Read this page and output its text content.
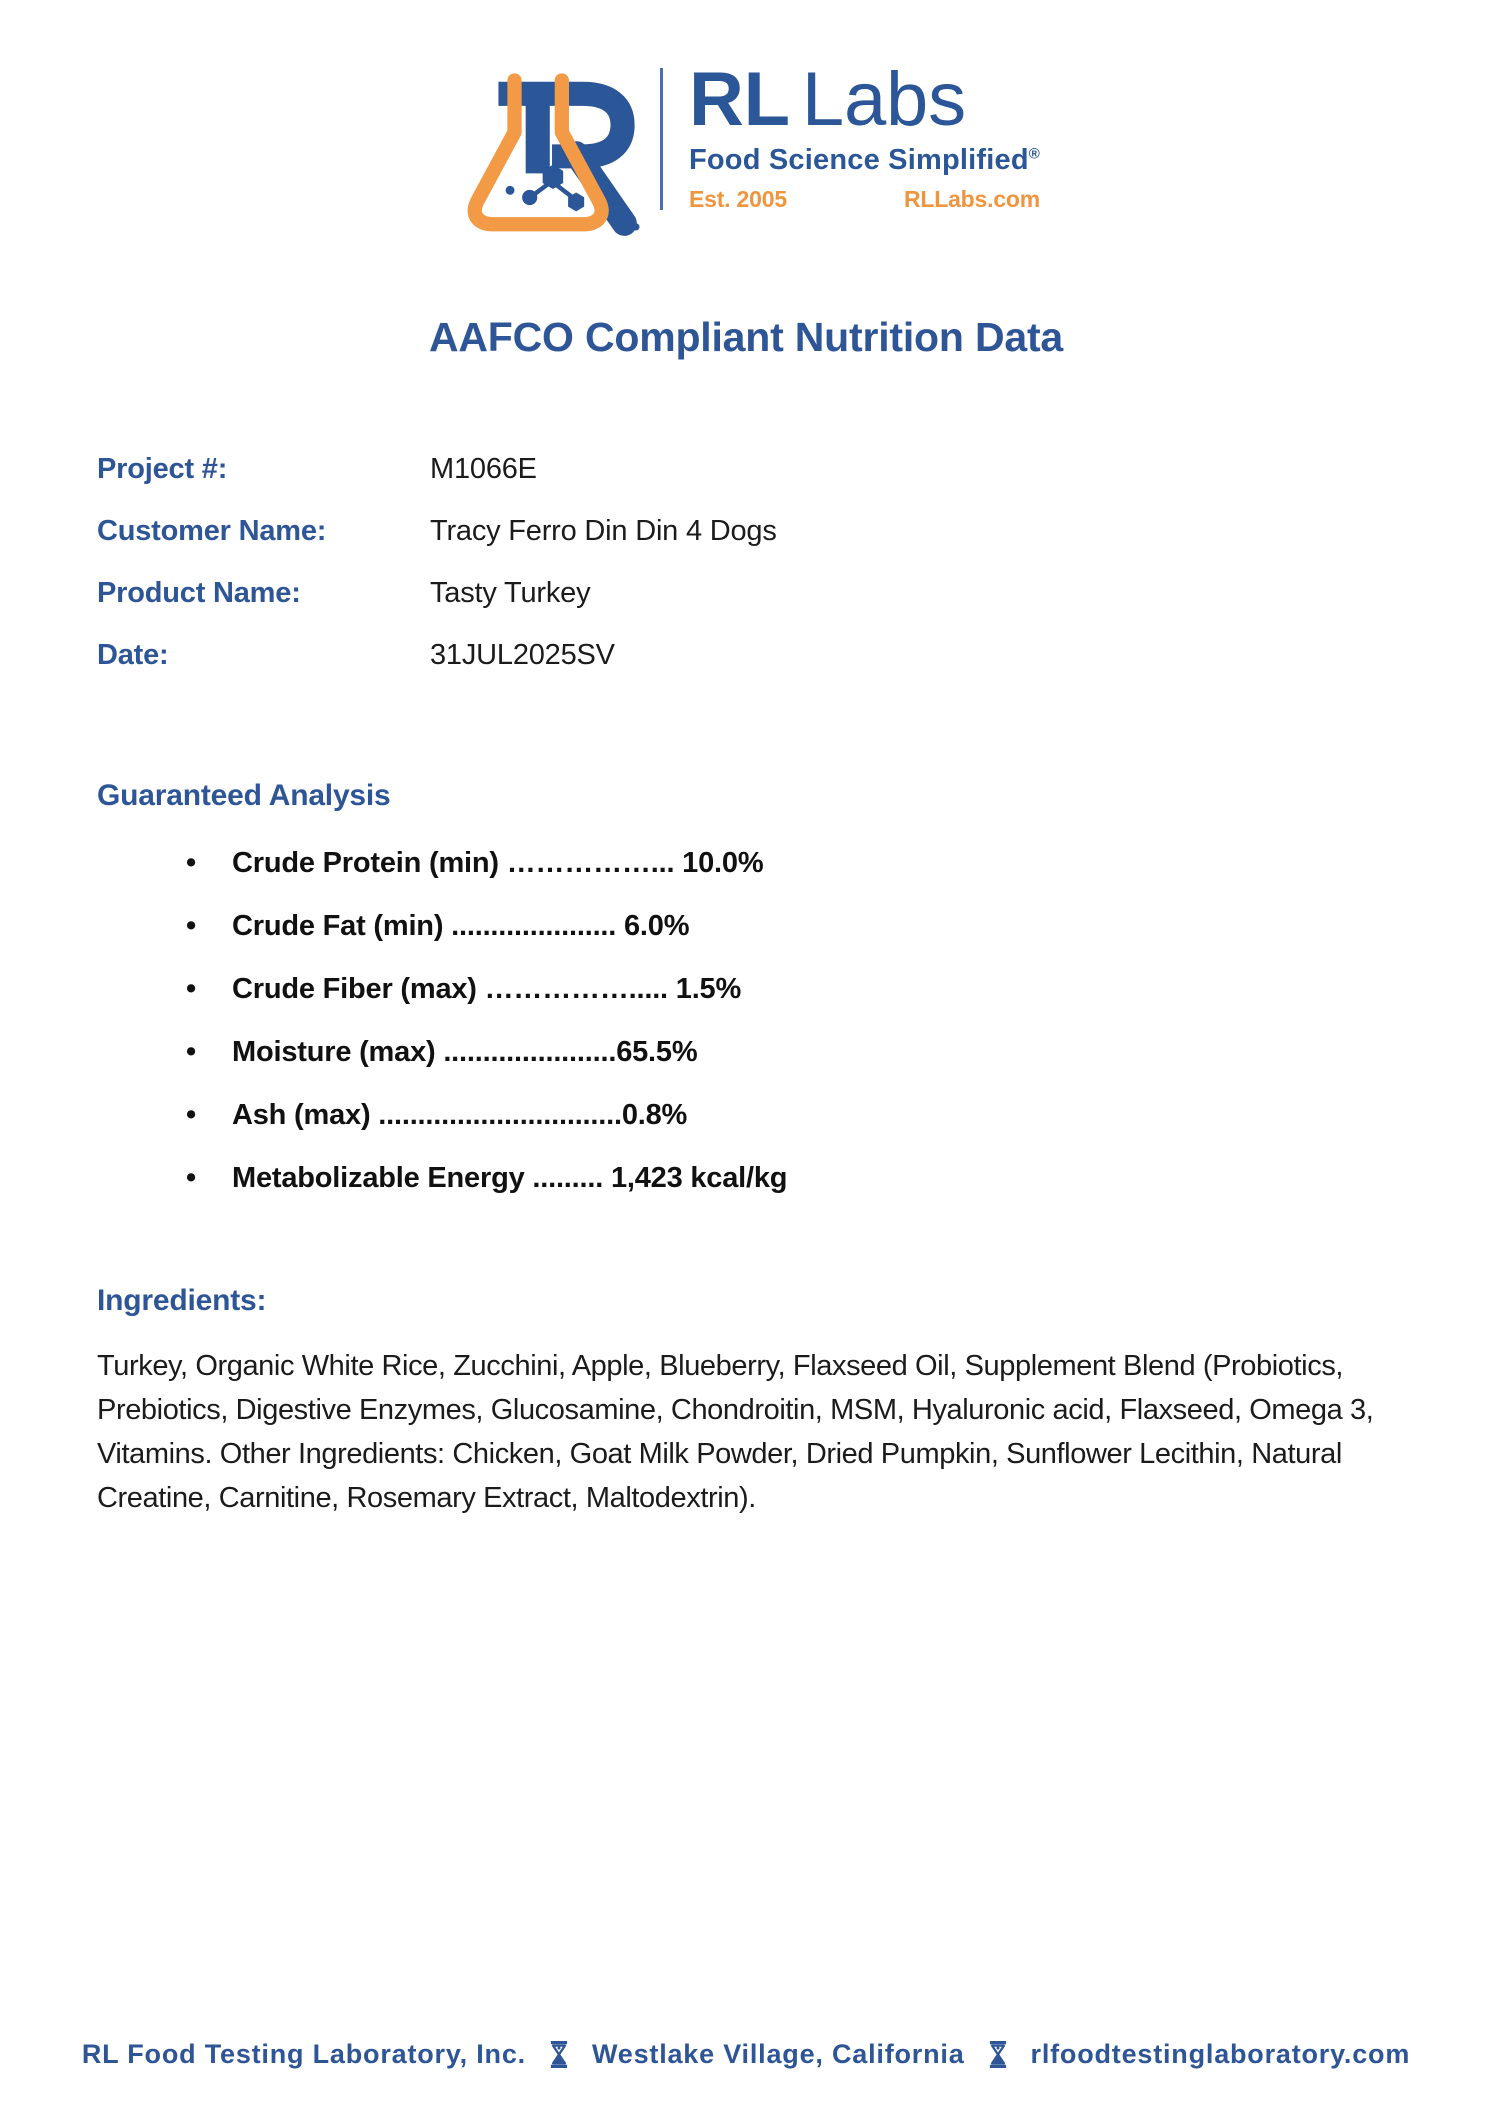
RL Labs
Food Science Simplified®
Est. 2005	RLLabs.com
AAFCO Compliant Nutrition Data
Project #:	M1066E
Customer Name:	Tracy Ferro Din Din 4 Dogs
Product Name:	Tasty Turkey
Date:	31JUL2025SV
Guaranteed Analysis
•	Crude Protein (min) ……………... 10.0%
•	Crude Fat (min) ..................... 6.0%
•	Crude Fiber (max) ……………..... 1.5%
•	Moisture (max) ......................65.5%
•	Ash (max) ...............................0.8%
•	Metabolizable Energy ......... 1,423 kcal/kg
Ingredients:

Turkey, Organic White Rice, Zucchini, Apple, Blueberry, Flaxseed Oil, Supplement Blend (Probiotics, Prebiotics, Digestive Enzymes, Glucosamine, Chondroitin, MSM, Hyaluronic acid, Flaxseed, Omega 3, Vitamins. Other Ingredients: Chicken, Goat Milk Powder, Dried Pumpkin, Sunflower Lecithin, Natural Creatine, Carnitine, Rosemary Extract, Maltodextrin).

RL Food Testing Laboratory, Inc. Westlake Village, California rlfoodtestinglaboratory.com
